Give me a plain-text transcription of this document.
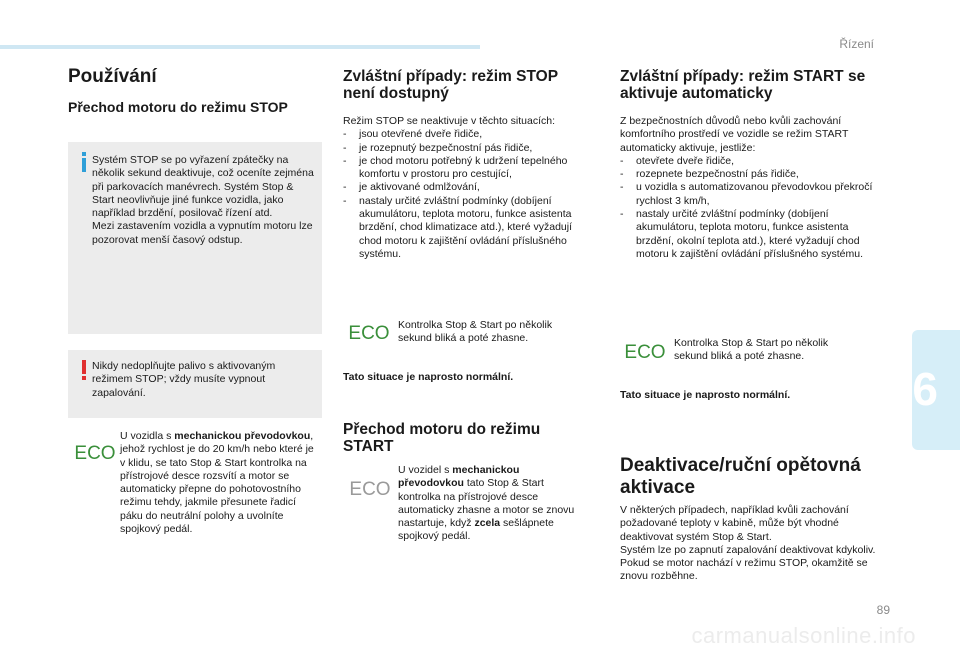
Řízení
6
89
carmanualsonline.info
Používání
Přechod motoru do režimu STOP
Systém STOP se po vyřazení zpátečky na několik sekund deaktivuje, což oceníte zejména při parkovacích manévrech. Systém Stop & Start neovlivňuje jiné funkce vozidla, jako například brzdění, posilovač řízení atd.
Mezi zastavením vozidla a vypnutím motoru lze pozorovat menší časový odstup.
Nikdy nedoplňujte palivo s aktivovaným režimem STOP; vždy musíte vypnout zapalování.
ECO
U vozidla s mechanickou převodovkou, jehož rychlost je do 20 km/h nebo které je v klidu, se tato Stop & Start kontrolka na přístrojové desce rozsvítí a motor se automaticky přepne do pohotovostního režimu tehdy, jakmile přesunete řadicí páku do neutrální polohy a uvolníte spojkový pedál.
Zvláštní případy: režim STOP není dostupný
Režim STOP se neaktivuje v těchto situacích:
- jsou otevřené dveře řidiče,
- je rozepnutý bezpečnostní pás řidiče,
- je chod motoru potřebný k udržení tepelného komfortu v prostoru pro cestující,
- je aktivované odmlžování,
- nastaly určité zvláštní podmínky (dobíjení akumulátoru, teplota motoru, funkce asistenta brzdění, chod klimatizace atd.), které vyžadují chod motoru k zajištění ovládání příslušného systému.
ECO Kontrolka Stop & Start po několik sekund bliká a poté zhasne.
Tato situace je naprosto normální.
Přechod motoru do režimu START
ECO
U vozidel s mechanickou převodovkou tato Stop & Start kontrolka na přístrojové desce automaticky zhasne a motor se znovu nastartuje, když zcela sešlápnete spojkový pedál.
Zvláštní případy: režim START se aktivuje automaticky
Z bezpečnostních důvodů nebo kvůli zachování komfortního prostředí ve vozidle se režim START automaticky aktivuje, jestliže:
- otevřete dveře řidiče,
- rozepnete bezpečnostní pás řidiče,
- u vozidla s automatizovanou převodovkou překročí rychlost 3 km/h,
- nastaly určité zvláštní podmínky (dobíjení akumulátoru, teplota motoru, funkce asistenta brzdění, okolní teplota atd.), které vyžadují chod motoru k zajištění ovládání příslušného systému.
ECO Kontrolka Stop & Start po několik sekund bliká a poté zhasne.
Tato situace je naprosto normální.
Deaktivace/ruční opětovná aktivace
V některých případech, například kvůli zachování požadované teploty v kabině, může být vhodné deaktivovat systém Stop & Start.
Systém lze po zapnutí zapalování deaktivovat kdykoliv.
Pokud se motor nachází v režimu STOP, okamžitě se znovu rozběhne.
